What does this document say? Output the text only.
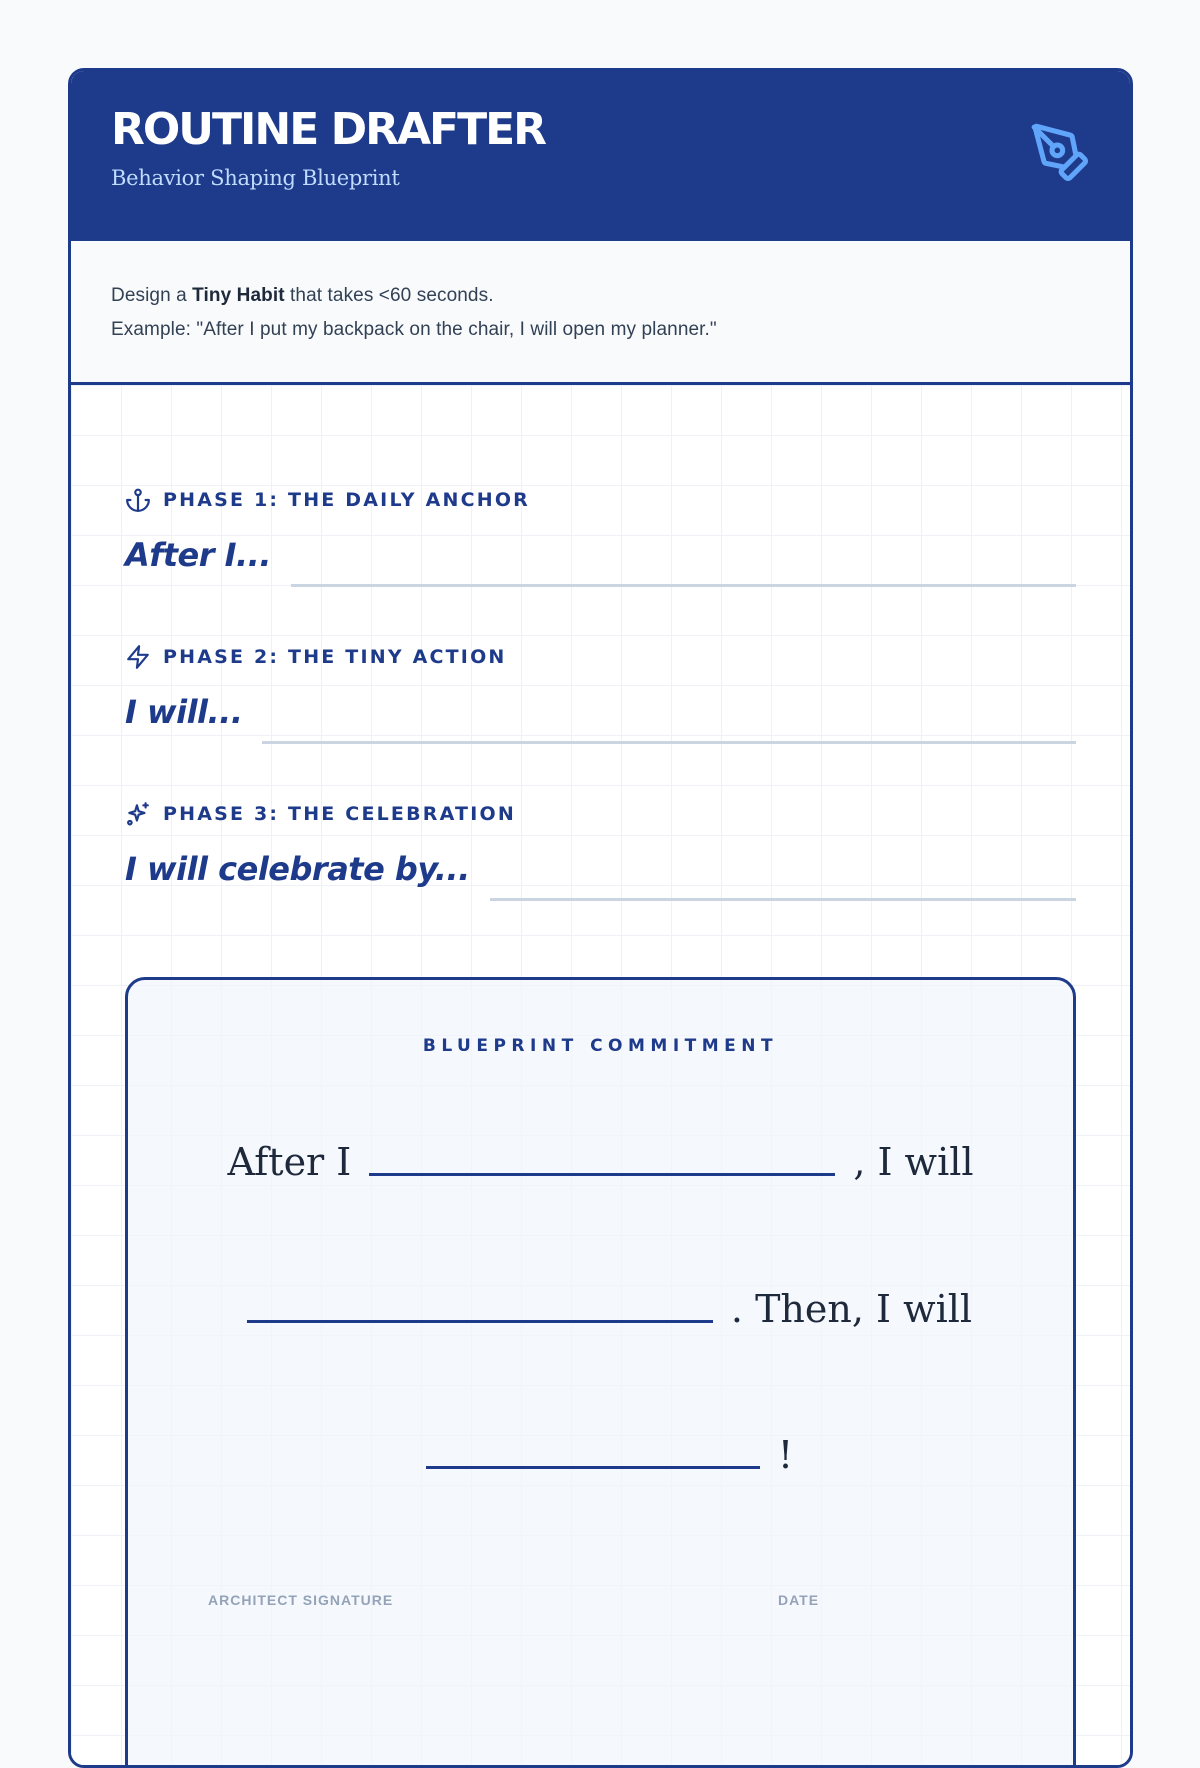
ROUTINE DRAFTER
Behavior Shaping Blueprint
Design a Tiny Habit that takes <60 seconds.
Example: "After I put my backpack on the chair, I will open my planner."
PHASE 1: THE DAILY ANCHOR
After I...
PHASE 2: THE TINY ACTION
I will...
PHASE 3: THE CELEBRATION
I will celebrate by...
BLUEPRINT COMMITMENT
After I	, I will
. Then, I will
!
ARCHITECT SIGNATURE	DATE
